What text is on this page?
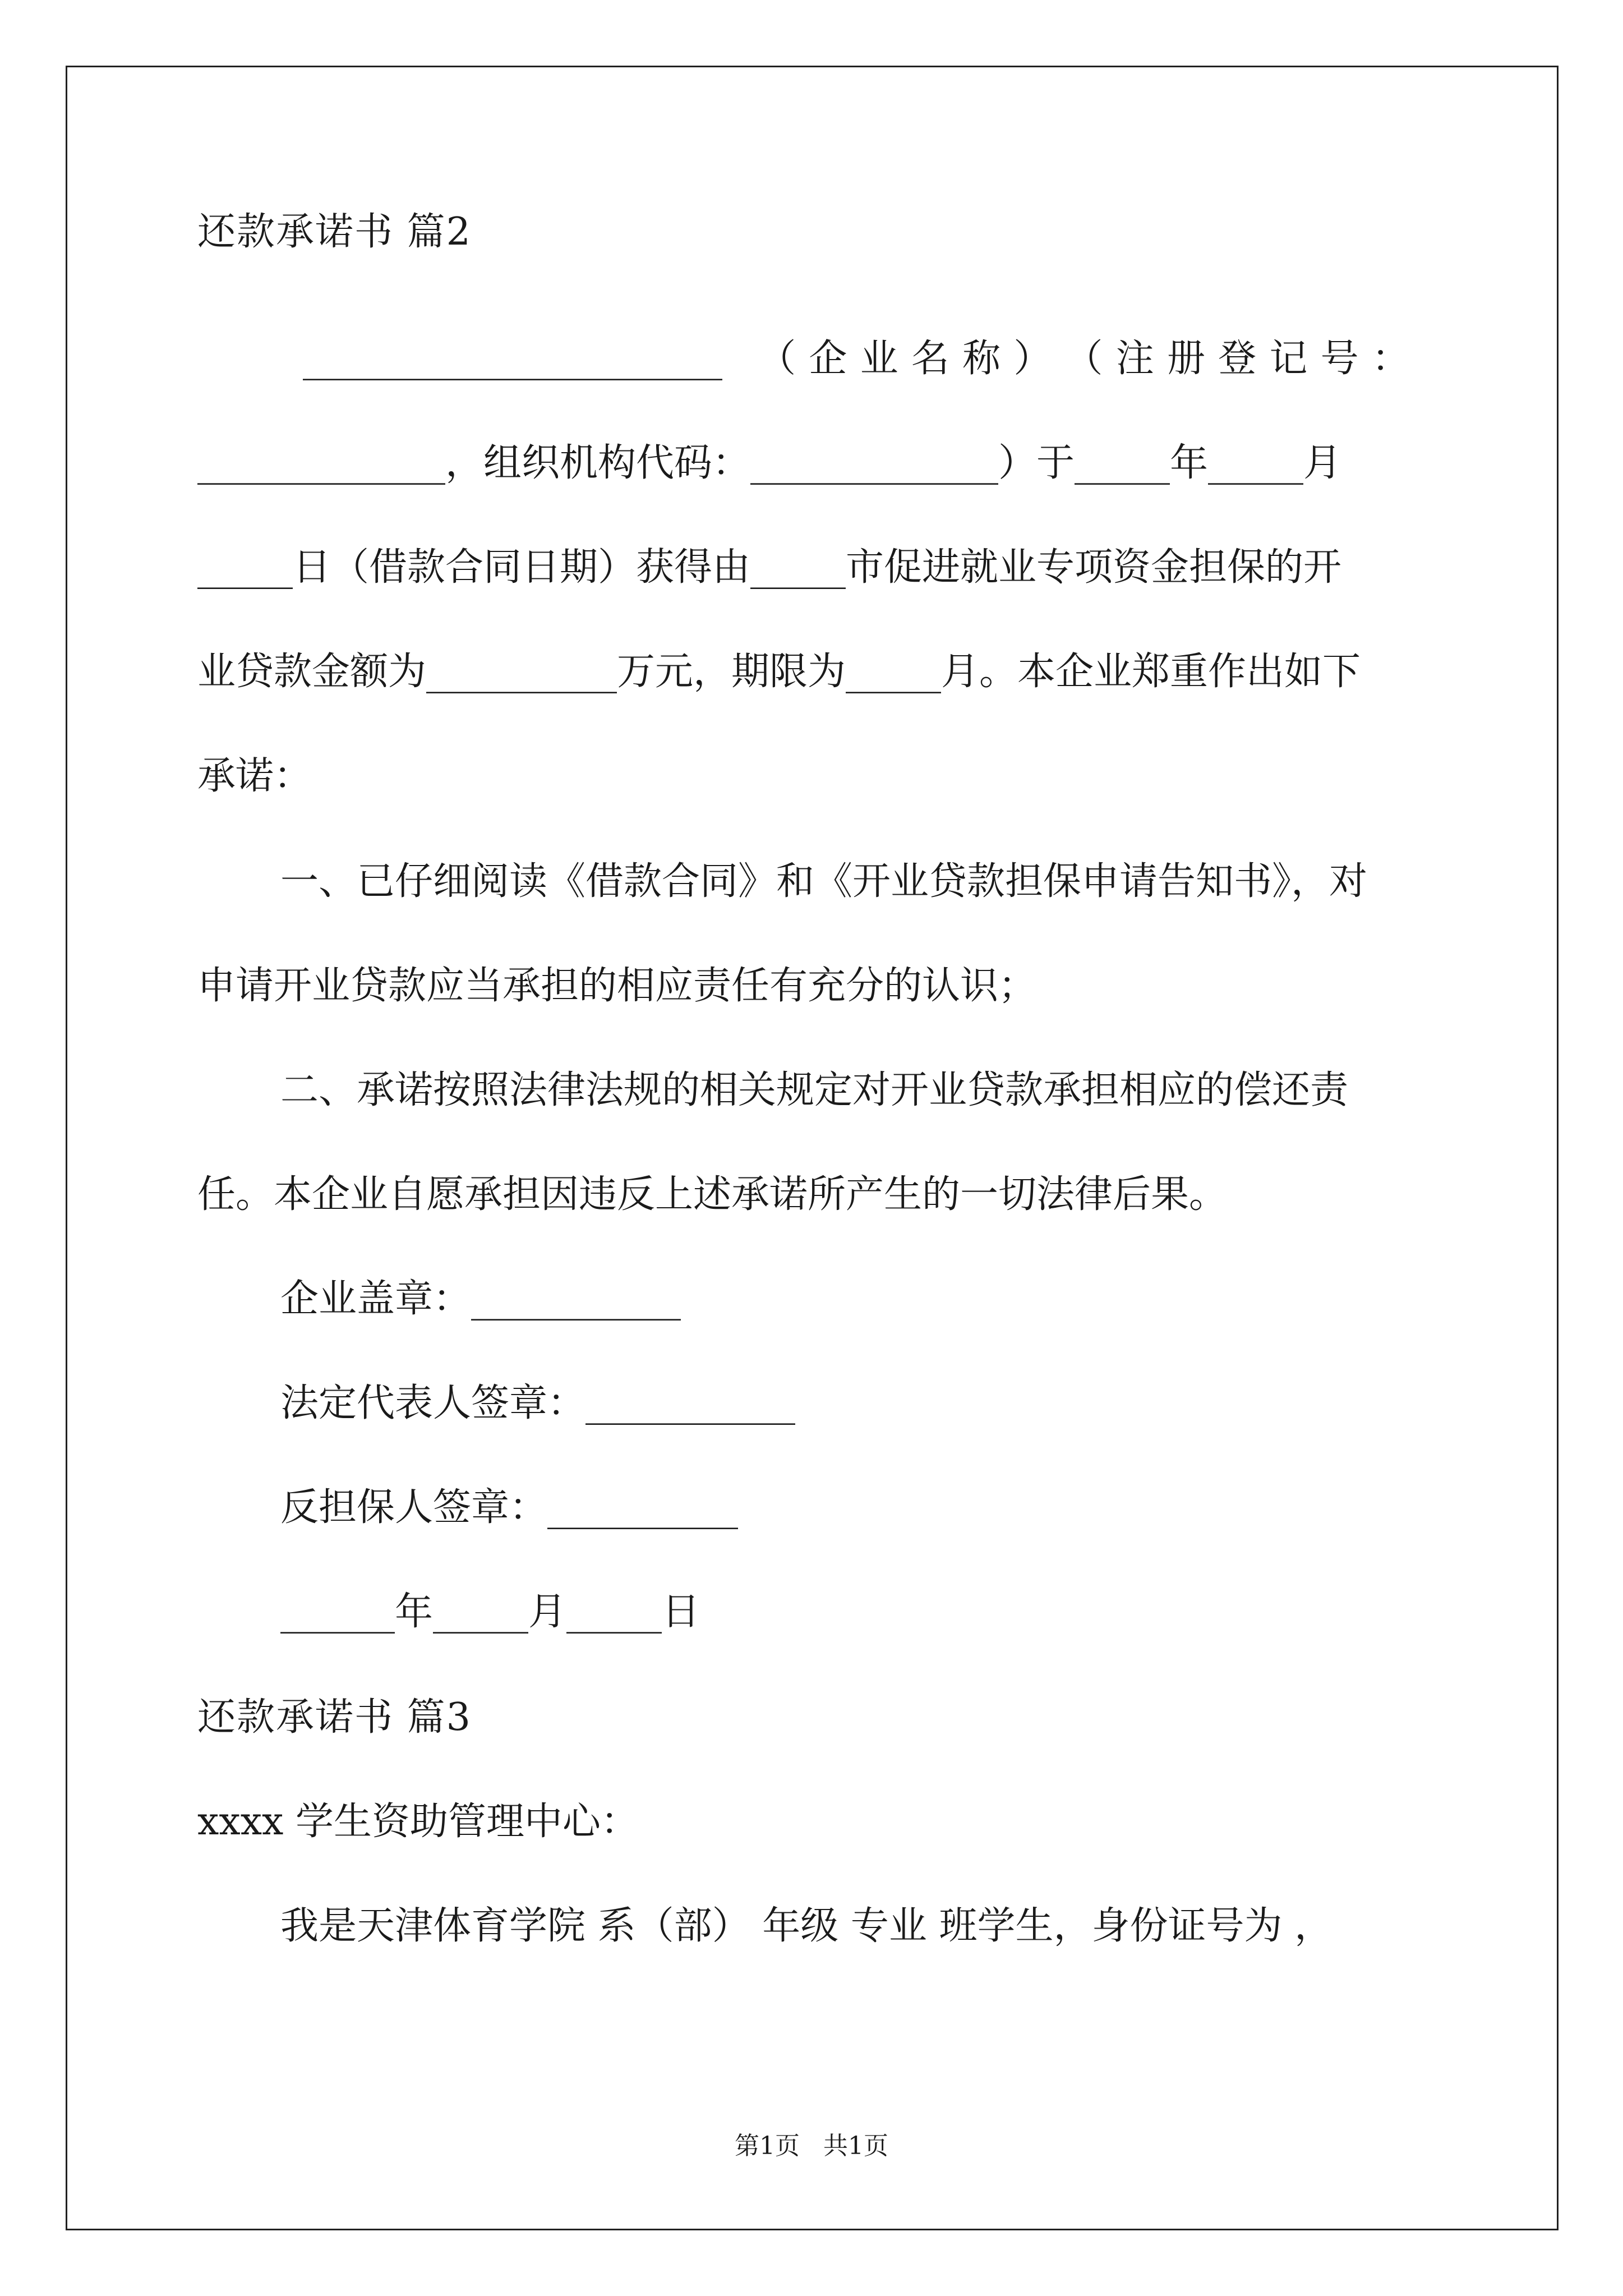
还款承诺书 篇2
______________________ （ 企 业 名 称 ） （ 注 册 登 记 号 ：
_____________，组织机构代码：_____________）于_____年_____月
_____日（借款合同日期）获得由_____市促进就业专项资金担保的开
业贷款金额为__________万元，期限为_____月。本企业郑重作出如下
承诺：
一、已仔细阅读《借款合同》和《开业贷款担保申请告知书》，对
申请开业贷款应当承担的相应责任有充分的认识；
二、承诺按照法律法规的相关规定对开业贷款承担相应的偿还责
任。本企业自愿承担因违反上述承诺所产生的一切法律后果。
企业盖章：___________
法定代表人签章：___________
反担保人签章：__________
______年_____月_____日
还款承诺书 篇3
xxxx 学生资助管理中心：
我是天津体育学院 系（部） 年级 专业 班学生，身份证号为 ，
第1页   共1页
